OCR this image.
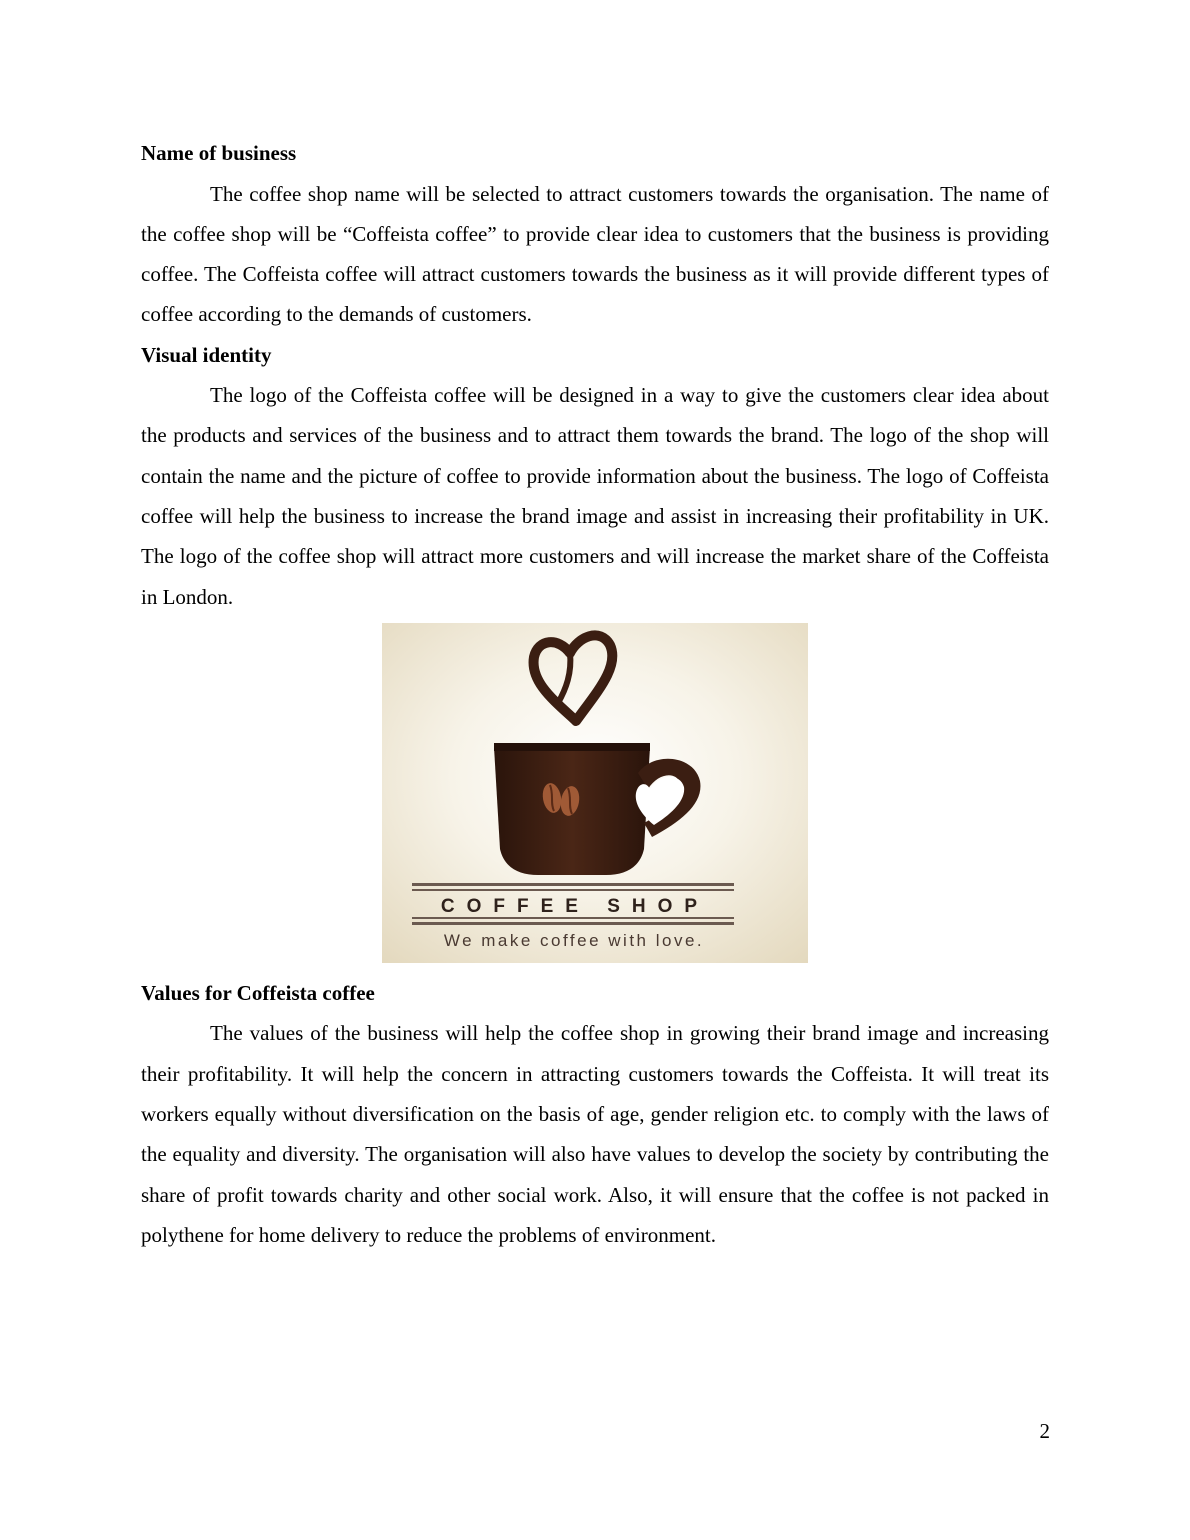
Name of business

The coffee shop name will be selected to attract customers towards the organisation. The name of the coffee shop will be “Coffeista coffee” to provide clear idea to customers that the business is providing coffee. The Coffeista coffee will attract customers towards the business as it will provide different types of coffee according to the demands of customers.

Visual identity

The logo of the Coffeista coffee will be designed in a way to give the customers clear idea about the products and services of the business and to attract them towards the brand. The logo of the shop will contain the name and the picture of coffee to provide information about the business. The logo of Coffeista coffee will help the business to increase the brand image and assist in increasing their profitability in UK. The logo of the coffee shop will attract more customers and will increase the market share of the Coffeista in London.

COFFEE SHOP
We make coffee with love.

Values for Coffeista coffee

The values of the business will help the coffee shop in growing their brand image and increasing their profitability. It will help the concern in attracting customers towards the Coffeista. It will treat its workers equally without diversification on the basis of age, gender religion etc. to comply with the laws of the equality and diversity. The organisation will also have values to develop the society by contributing the share of profit towards charity and other social work. Also, it will ensure that the coffee is not packed in polythene for home delivery to reduce the problems of environment.

2
